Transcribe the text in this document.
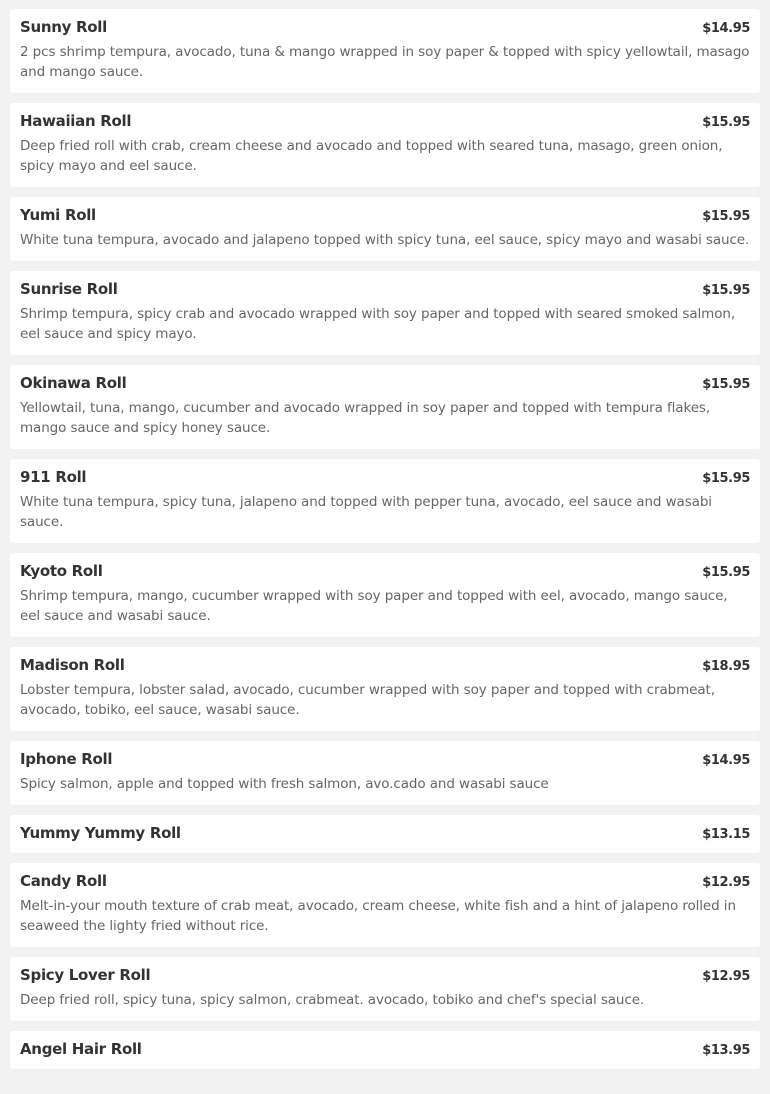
Sunny Roll	$14.95
2 pcs shrimp tempura, avocado, tuna & mango wrapped in soy paper & topped with spicy yellowtail, masago and mango sauce.
Hawaiian Roll	$15.95
Deep fried roll with crab, cream cheese and avocado and topped with seared tuna, masago, green onion, spicy mayo and eel sauce.
Yumi Roll	$15.95
White tuna tempura, avocado and jalapeno topped with spicy tuna, eel sauce, spicy mayo and wasabi sauce.
Sunrise Roll	$15.95
Shrimp tempura, spicy crab and avocado wrapped with soy paper and topped with seared smoked salmon, eel sauce and spicy mayo.
Okinawa Roll	$15.95
Yellowtail, tuna, mango, cucumber and avocado wrapped in soy paper and topped with tempura flakes, mango sauce and spicy honey sauce.
911 Roll	$15.95
White tuna tempura, spicy tuna, jalapeno and topped with pepper tuna, avocado, eel sauce and wasabi sauce.
Kyoto Roll	$15.95
Shrimp tempura, mango, cucumber wrapped with soy paper and topped with eel, avocado, mango sauce, eel sauce and wasabi sauce.
Madison Roll	$18.95
Lobster tempura, lobster salad, avocado, cucumber wrapped with soy paper and topped with crabmeat, avocado, tobiko, eel sauce, wasabi sauce.
Iphone Roll	$14.95
Spicy salmon, apple and topped with fresh salmon, avo.cado and wasabi sauce
Yummy Yummy Roll	$13.15
Candy Roll	$12.95
Melt-in-your mouth texture of crab meat, avocado, cream cheese, white fish and a hint of jalapeno rolled in seaweed the lighty fried without rice.
Spicy Lover Roll	$12.95
Deep fried roll, spicy tuna, spicy salmon, crabmeat. avocado, tobiko and chef's special sauce.
Angel Hair Roll	$13.95
